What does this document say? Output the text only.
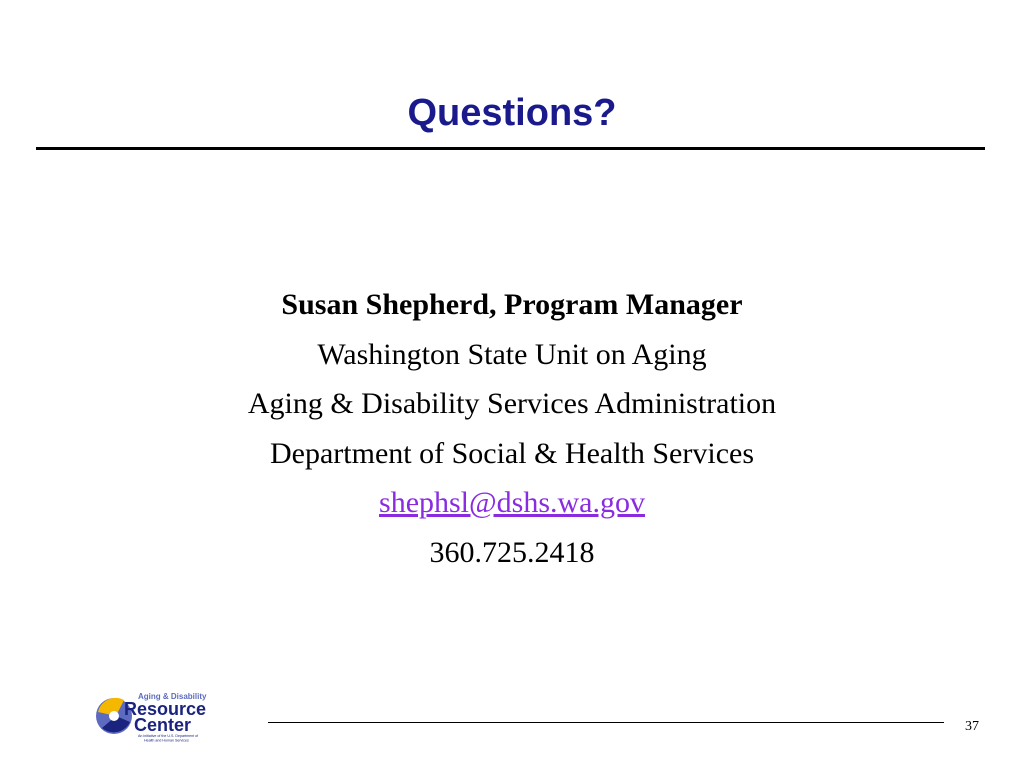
Questions?
Susan Shepherd, Program Manager
Washington State Unit on Aging
Aging & Disability Services Administration
Department of Social & Health Services
shephsl@dshs.wa.gov
360.725.2418
Aging & Disability
Resource
Center
An initiative of the U.S. Department of
Health and Human Services
37
